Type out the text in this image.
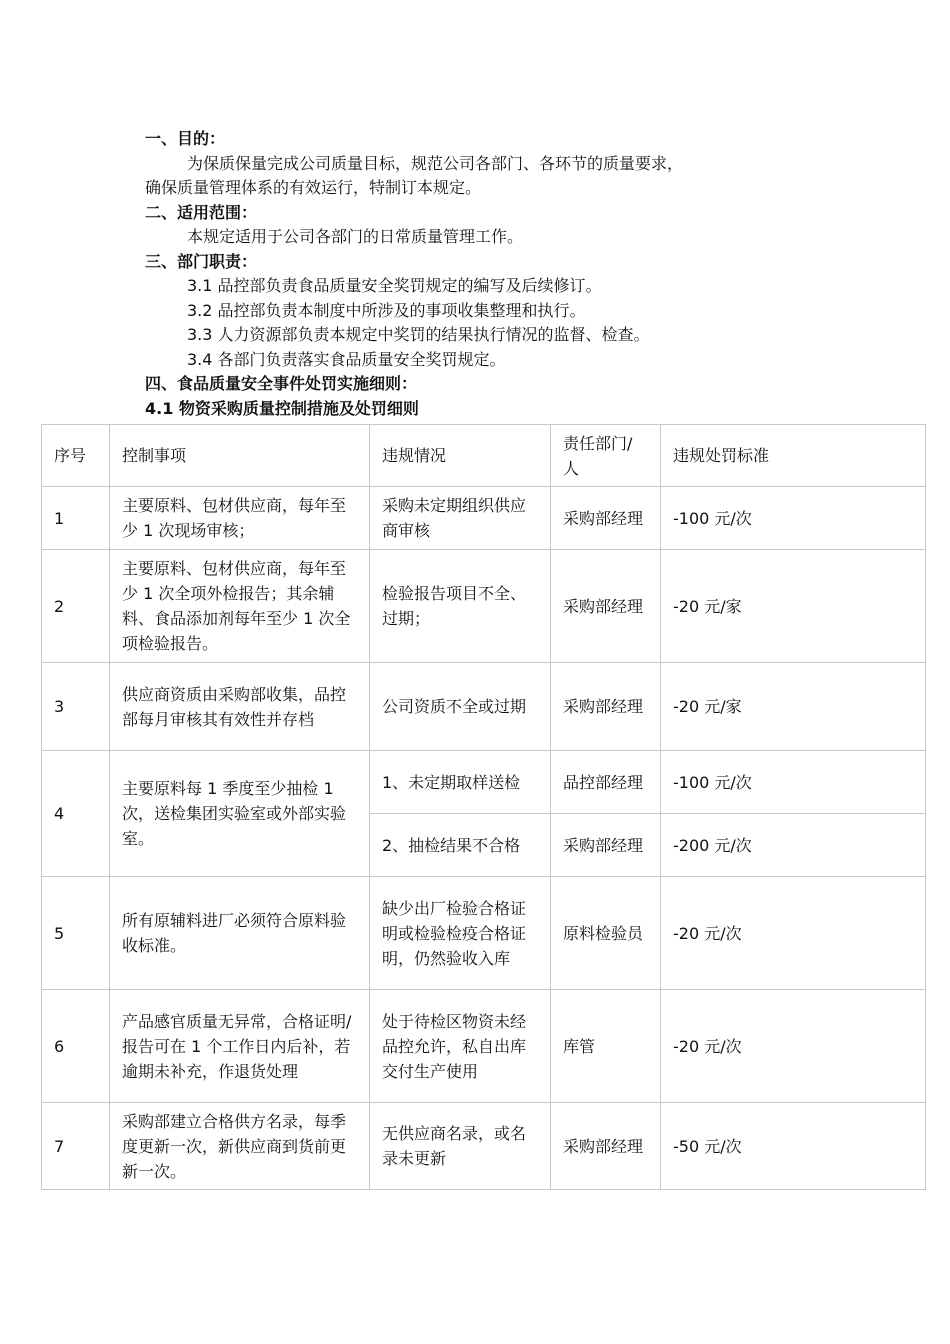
一、目的：
为保质保量完成公司质量目标，规范公司各部门、各环节的质量要求，
确保质量管理体系的有效运行，特制订本规定。
二、适用范围：
本规定适用于公司各部门的日常质量管理工作。
三、部门职责：
3.1 品控部负责食品质量安全奖罚规定的编写及后续修订。
3.2 品控部负责本制度中所涉及的事项收集整理和执行。
3.3 人力资源部负责本规定中奖罚的结果执行情况的监督、检查。
3.4 各部门负责落实食品质量安全奖罚规定。
四、食品质量安全事件处罚实施细则：
4.1 物资采购质量控制措施及处罚细则
序号	控制事项	违规情况	责任部门/人	违规处罚标准
1	主要原料、包材供应商，每年至少 1 次现场审核；	采购未定期组织供应商审核	采购部经理	-100 元/次
2	主要原料、包材供应商，每年至少 1 次全项外检报告；其余辅料、食品添加剂每年至少 1 次全项检验报告。	检验报告项目不全、过期；	采购部经理	-20 元/家
3	供应商资质由采购部收集，品控部每月审核其有效性并存档	公司资质不全或过期	采购部经理	-20 元/家
4	主要原料每 1 季度至少抽检 1 次，送检集团实验室或外部实验室。	1、未定期取样送检	品控部经理	-100 元/次
		2、抽检结果不合格	采购部经理	-200 元/次
5	所有原辅料进厂必须符合原料验收标准。	缺少出厂检验合格证明或检验检疫合格证明，仍然验收入库	原料检验员	-20 元/次
6	产品感官质量无异常，合格证明/报告可在 1 个工作日内后补，若逾期未补充，作退货处理	处于待检区物资未经品控允许，私自出库交付生产使用	库管	-20 元/次
7	采购部建立合格供方名录，每季度更新一次，新供应商到货前更新一次。	无供应商名录，或名录未更新	采购部经理	-50 元/次
